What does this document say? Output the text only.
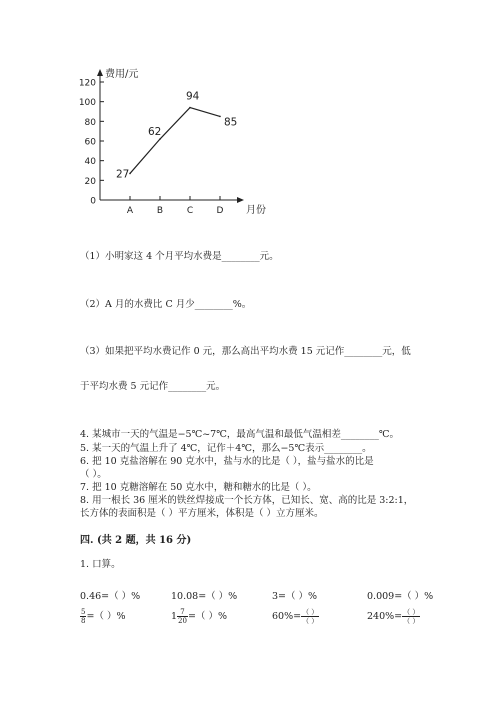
0
20
40
60
80
100
120
A	B	C	D
费用/元
月份
27
62
94
85
（1）小明家这 4 个月平均水费是________元。
（2）A 月的水费比 C 月少________%。
（3）如果把平均水费记作 0 元，那么高出平均水费 15 元记作________元，低
于平均水费 5 元记作________元。
4. 某城市一天的气温是−5℃~7℃，最高气温和最低气温相差________℃。
5. 某一天的气温上升了 4℃，记作＋4℃，那么−5℃表示________。
6. 把 10 克盐溶解在 90 克水中，盐与水的比是（ ），盐与盐水的比是
（ ）。
7. 把 10 克糖溶解在 50 克水中，糖和糖水的比是（ ）。
8. 用一根长 36 厘米的铁丝焊接成一个长方体，已知长、宽、高的比是 3:2:1，
长方体的表面积是（ ）平方厘米，体积是（ ）立方厘米。
四. (共 2 题，共 16 分)
1. 口算。
0.46=（ ）%	10.08=（ ）%	3=（ ）%	0.009=（ ）%
$\frac{5}{8}$ =（ ）%	$1 \frac{7}{20}$ =（ ）%	$60\%= \frac{( )}{( )}$	$240\%= \frac{( )}{( )}$
